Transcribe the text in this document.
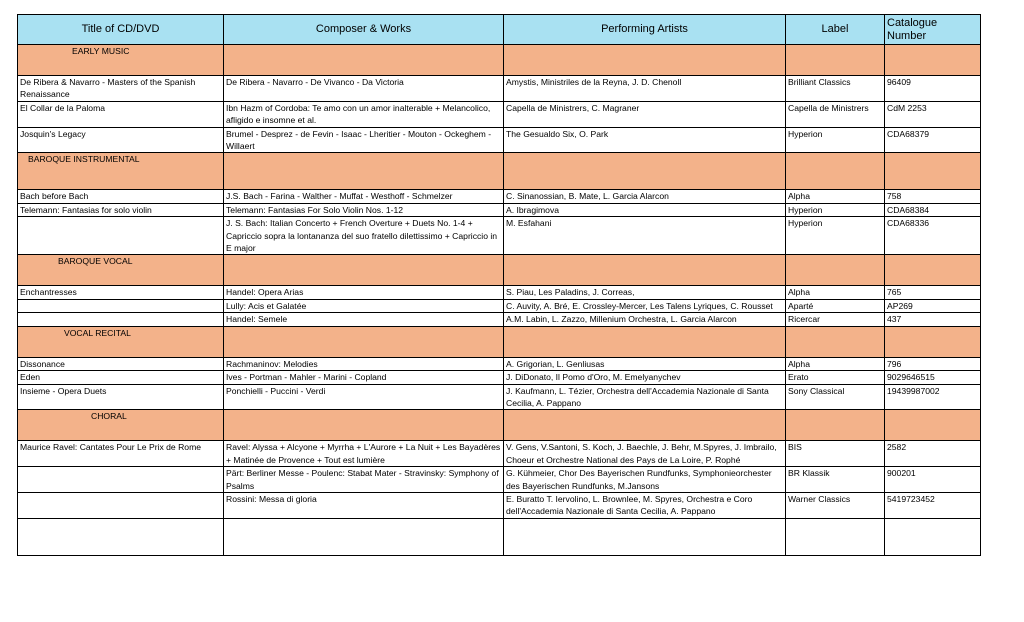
Title of CD/DVD	Composer & Works	Performing Artists	Label	Catalogue Number
EARLY MUSIC				
De Ribera & Navarro - Masters of the Spanish Renaissance	De Ribera - Navarro - De Vivanco - Da Victoria	Amystis, Ministriles de la Reyna, J. D. Chenoll	Brilliant Classics	96409
El Collar de la Paloma	Ibn Hazm of Cordoba: Te amo con un amor inalterable + Melancolico, afligido e insomne et al.	Capella de Ministrers, C. Magraner	Capella de Ministrers	CdM 2253
Josquin's Legacy	Brumel - Desprez - de Fevin - Isaac - Lheritier - Mouton - Ockeghem - Willaert	The Gesualdo Six, O. Park	Hyperion	CDA68379
BAROQUE INSTRUMENTAL				
Bach before Bach	J.S. Bach - Farina - Walther - Muffat - Westhoff - Schmelzer	C. Sinanossian, B. Mate, L. Garcia Alarcon	Alpha	758
Telemann: Fantasias for solo violin	Telemann: Fantasias For Solo Violin Nos. 1-12	A. Ibragimova	Hyperion	CDA68384
	J. S. Bach: Italian Concerto + French Overture + Duets No. 1-4 + Capriccio sopra la lontananza del suo fratello dilettissimo + Capriccio in E major	M. Esfahani	Hyperion	CDA68336
BAROQUE VOCAL				
Enchantresses	Handel: Opera Arias	S. Piau, Les Paladins, J. Correas,	Alpha	765
	Lully: Acis et Galatée	C. Auvity, A. Bré, E. Crossley-Mercer, Les Talens Lyriques, C. Rousset	Aparté	AP269
	Handel: Semele	A.M. Labin, L. Zazzo, Millenium Orchestra, L. Garcia Alarcon	Ricercar	437
VOCAL RECITAL				
Dissonance	Rachmaninov: Melodies	A. Grigorian, L. Genliusas	Alpha	796
Eden	Ives - Portman - Mahler - Marini - Copland	J. DiDonato, Il Pomo d'Oro, M. Emelyanychev	Erato	9029646515
Insieme - Opera Duets	Ponchielli - Puccini - Verdi	J. Kaufmann, L. Tézier, Orchestra dell'Accademia Nazionale di Santa Cecilia, A. Pappano	Sony Classical	19439987002
CHORAL				
Maurice Ravel: Cantates Pour Le Prix de Rome	Ravel: Alyssa + Alcyone + Myrrha + L'Aurore + La Nuit + Les Bayadères + Matinée de Provence + Tout est lumière	V. Gens, V.Santoni, S. Koch, J. Baechle, J. Behr, M.Spyres, J. Imbrailo, Choeur et Orchestre National des Pays de La Loire, P. Rophé	BIS	2582
	Pärt: Berliner Messe - Poulenc: Stabat Mater - Stravinsky: Symphony of Psalms	G. Kühmeier, Chor Des Bayerischen Rundfunks, Symphonieorchester des Bayerischen Rundfunks, M.Jansons	BR Klassik	900201
	Rossini: Messa di gloria	E. Buratto T. Iervolino, L. Brownlee, M. Spyres, Orchestra e Coro dell'Accademia Nazionale di Santa Cecilia, A. Pappano	Warner Classics	5419723452
